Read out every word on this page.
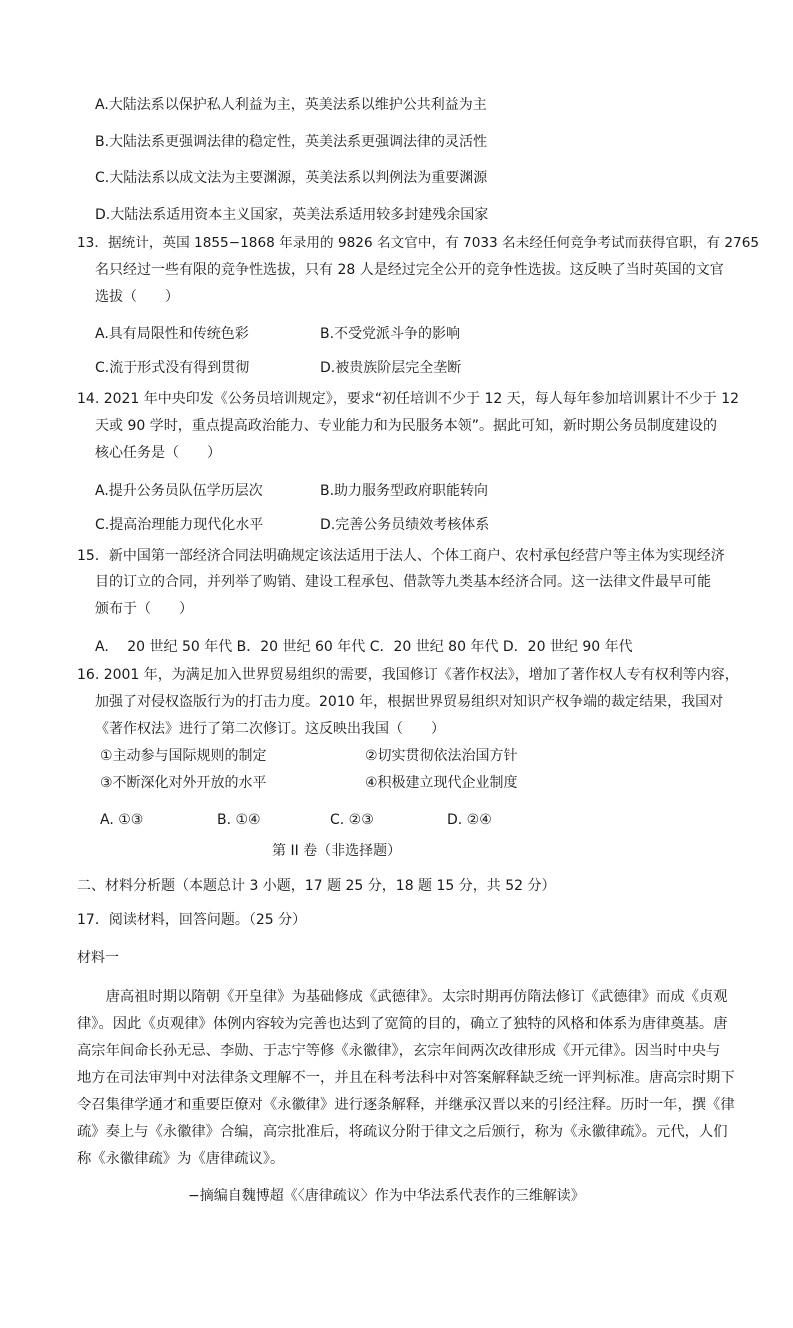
A.大陆法系以保护私人利益为主，英美法系以维护公共利益为主
B.大陆法系更强调法律的稳定性，英美法系更强调法律的灵活性
C.大陆法系以成文法为主要渊源，英美法系以判例法为重要渊源
D.大陆法系适用资本主义国家，英美法系适用较多封建残余国家
13．据统计，英国 1855−1868 年录用的 9826 名文官中，有 7033 名未经任何竞争考试而获得官职，有 2765
名只经过一些有限的竞争性选拔，只有 28 人是经过完全公开的竞争性选拔。这反映了当时英国的文官
选拔（　　）
A.具有局限性和传统色彩	B.不受党派斗争的影响
C.流于形式没有得到贯彻	D.被贵族阶层完全垄断
14. 2021 年中央印发《公务员培训规定》，要求“初任培训不少于 12 天，每人每年参加培训累计不少于 12
天或 90 学时，重点提高政治能力、专业能力和为民服务本领”。据此可知，新时期公务员制度建设的
核心任务是（　　）
A.提升公务员队伍学历层次	B.助力服务型政府职能转向
C.提高治理能力现代化水平	D.完善公务员绩效考核体系
15．新中国第一部经济合同法明确规定该法适用于法人、个体工商户、农村承包经营户等主体为实现经济
目的订立的合同，并列举了购销、建设工程承包、借款等九类基本经济合同。这一法律文件最早可能
颁布于（　　）
A.　 20 世纪 50 年代 B．20 世纪 60 年代 C．20 世纪 80 年代 D．20 世纪 90 年代
16. 2001 年，为满足加入世界贸易组织的需要，我国修订《著作权法》，增加了著作权人专有权利等内容，
加强了对侵权盗版行为的打击力度。2010 年，根据世界贸易组织对知识产权争端的裁定结果，我国对
《著作权法》进行了第二次修订。这反映出我国（　　）
①主动参与国际规则的制定	②切实贯彻依法治国方针
③不断深化对外开放的水平	④积极建立现代企业制度
A. ①③	B. ①④	C. ②③	D. ②④
第 II 卷（非选择题）
二、材料分析题（本题总计 3 小题，17 题 25 分，18 题 15 分，共 52 分）
17．阅读材料，回答问题。（25 分）
材料一
　　唐高祖时期以隋朝《开皇律》为基础修成《武德律》。太宗时期再仿隋法修订《武德律》而成《贞观
律》。因此《贞观律》体例内容较为完善也达到了宽简的目的，确立了独特的风格和体系为唐律奠基。唐
高宗年间命长孙无忌、李勋、于志宁等修《永徽律》，玄宗年间两次改律形成《开元律》。因当时中央与
地方在司法审判中对法律条文理解不一，并且在科考法科中对答案解释缺乏统一评判标准。唐高宗时期下
令召集律学通才和重要臣僚对《永徽律》进行逐条解释，并继承汉晋以来的引经注释。历时一年，撰《律
疏》奏上与《永徽律》合编，高宗批准后，将疏议分附于律文之后颁行，称为《永徽律疏》。元代，人们
称《永徽律疏》为《唐律疏议》。
−摘编自魏博超《〈唐律疏议〉作为中华法系代表作的三维解读》
